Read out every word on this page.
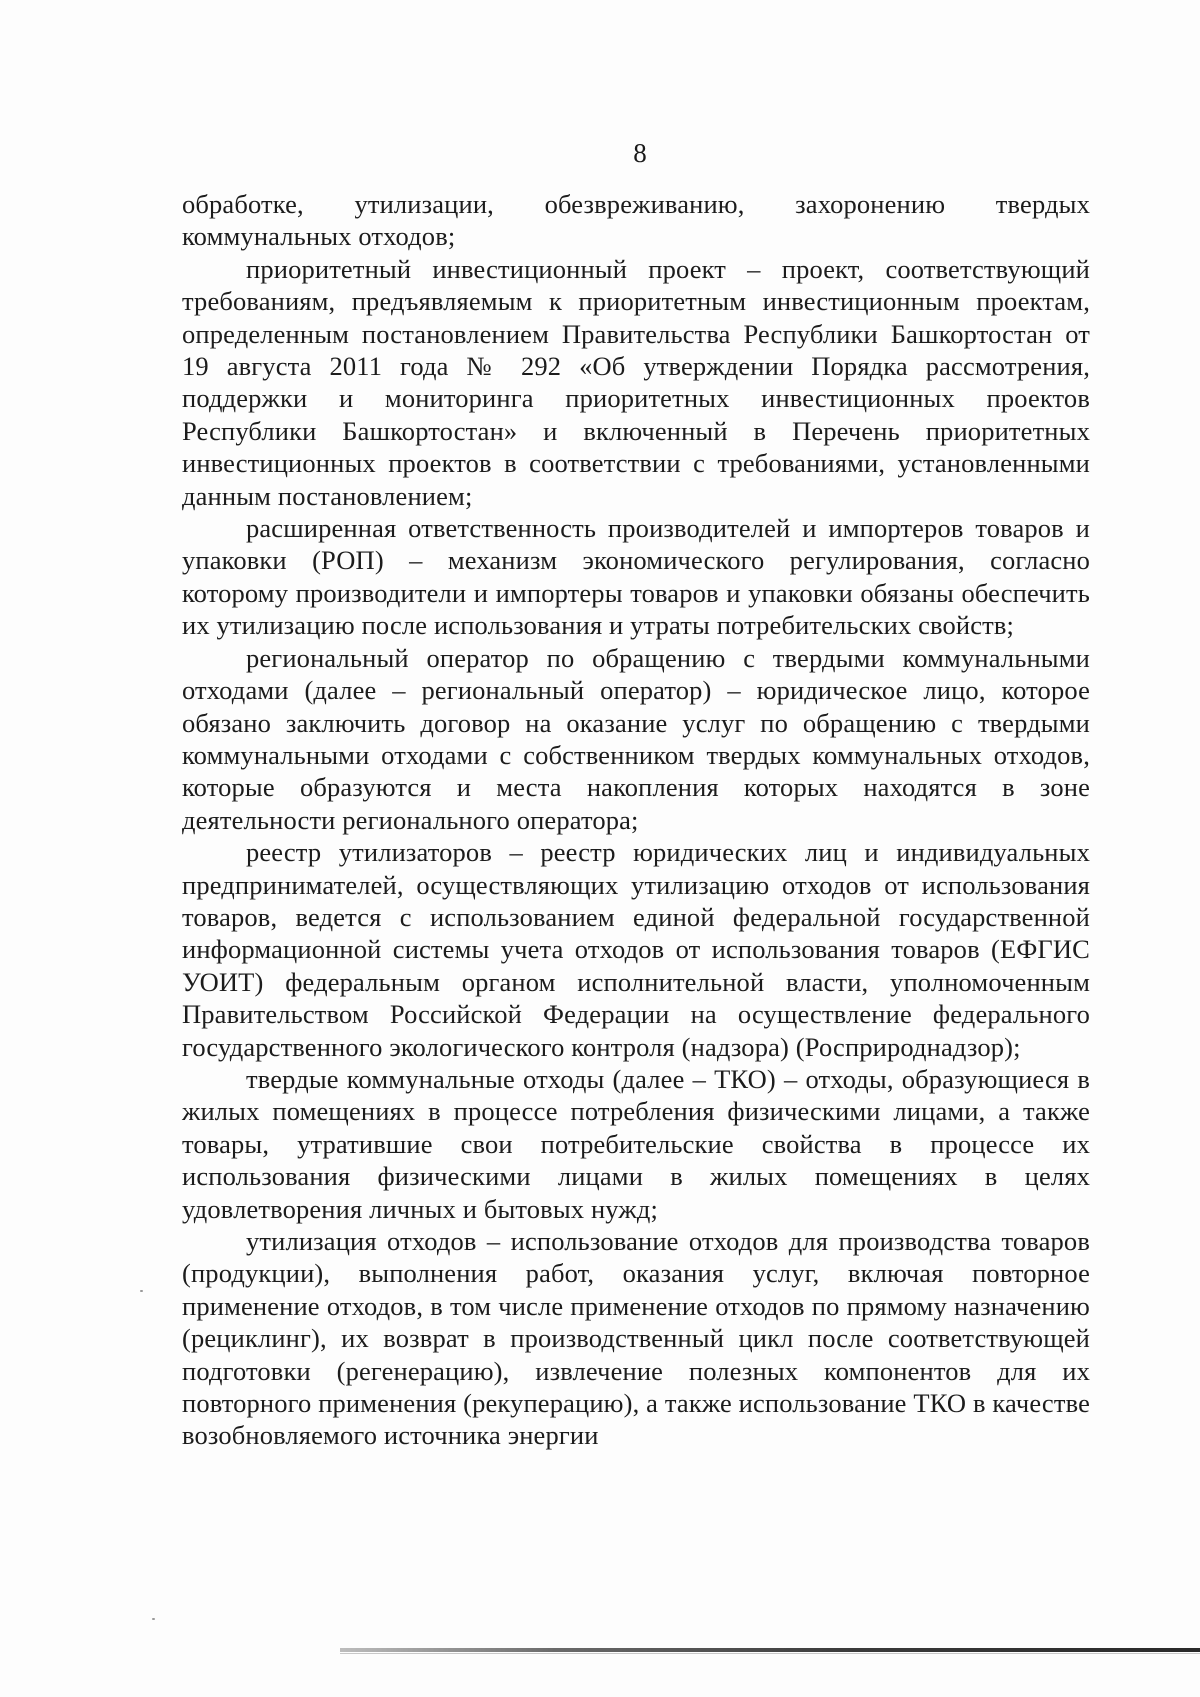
8

обработке, утилизации, обезвреживанию, захоронению твердых коммунальных отходов;

приоритетный инвестиционный проект – проект, соответствующий требованиям, предъявляемым к приоритетным инвестиционным проектам, определенным постановлением Правительства Республики Башкортостан от 19 августа 2011 года № 292 «Об утверждении Порядка рассмотрения, поддержки и мониторинга приоритетных инвестиционных проектов Республики Башкортостан» и включенный в Перечень приоритетных инвестиционных проектов в соответствии с требованиями, установленными данным постановлением;

расширенная ответственность производителей и импортеров товаров и упаковки (РОП) – механизм экономического регулирования, согласно которому производители и импортеры товаров и упаковки обязаны обеспечить их утилизацию после использования и утраты потребительских свойств;

региональный оператор по обращению с твердыми коммунальными отходами (далее – региональный оператор) – юридическое лицо, которое обязано заключить договор на оказание услуг по обращению с твердыми коммунальными отходами с собственником твердых коммунальных отходов, которые образуются и места накопления которых находятся в зоне деятельности регионального оператора;

реестр утилизаторов – реестр юридических лиц и индивидуальных предпринимателей, осуществляющих утилизацию отходов от использования товаров, ведется с использованием единой федеральной государственной информационной системы учета отходов от использования товаров (ЕФГИС УОИТ) федеральным органом исполнительной власти, уполномоченным Правительством Российской Федерации на осуществление федерального государственного экологического контроля (надзора) (Росприроднадзор);

твердые коммунальные отходы (далее – ТКО) – отходы, образующиеся в жилых помещениях в процессе потребления физическими лицами, а также товары, утратившие свои потребительские свойства в процессе их использования физическими лицами в жилых помещениях в целях удовлетворения личных и бытовых нужд;

утилизация отходов – использование отходов для производства товаров (продукции), выполнения работ, оказания услуг, включая повторное применение отходов, в том числе применение отходов по прямому назначению (рециклинг), их возврат в производственный цикл после соответствующей подготовки (регенерацию), извлечение полезных компонентов для их повторного применения (рекуперацию), а также использование ТКО в качестве возобновляемого источника энергии
